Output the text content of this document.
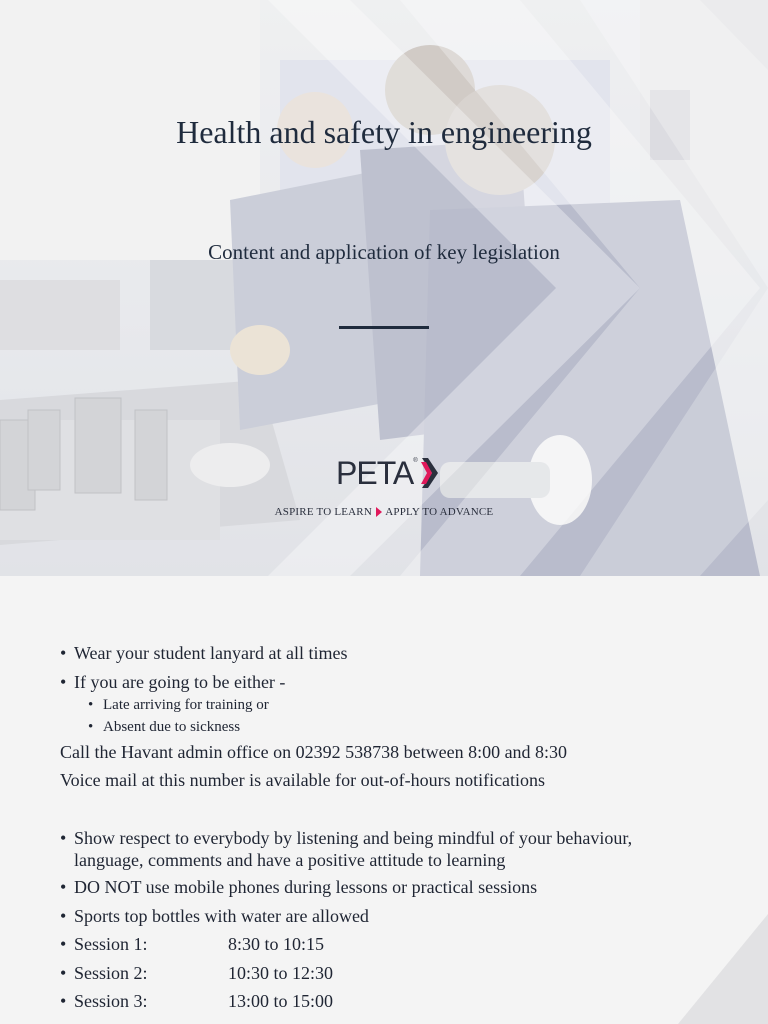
Health and safety in engineering
Content and application of key legislation
PETA ®
ASPIRE TO LEARN APPLY TO ADVANCE
• Wear your student lanyard at all times
• If you are going to be either -
• Late arriving for training or
• Absent due to sickness
Call the Havant admin office on 02392 538738 between 8:00 and 8:30
Voice mail at this number is available for out-of-hours notifications
• Show respect to everybody by listening and being mindful of your behaviour, language, comments and have a positive attitude to learning
• DO NOT use mobile phones during lessons or practical sessions
• Sports top bottles with water are allowed
• Session 1:	8:30 to 10:15
• Session 2:	10:30 to 12:30
• Session 3:	13:00 to 15:00
